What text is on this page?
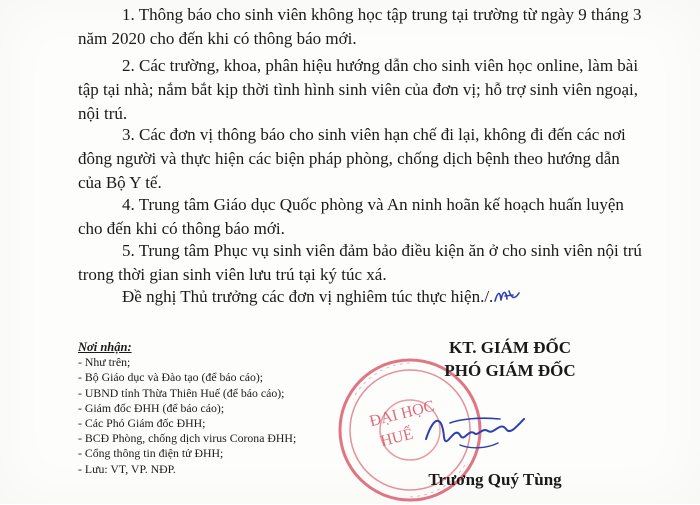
1. Thông báo cho sinh viên không học tập trung tại trường từ ngày 9 tháng 3
năm 2020 cho đến khi có thông báo mới.
2. Các trường, khoa, phân hiệu hướng dẫn cho sinh viên học online, làm bài
tập tại nhà; nắm bắt kịp thời tình hình sinh viên của đơn vị; hỗ trợ sinh viên ngoại,
nội trú.
3. Các đơn vị thông báo cho sinh viên hạn chế đi lại, không đi đến các nơi
đông người và thực hiện các biện pháp phòng, chống dịch bệnh theo hướng dẫn
của Bộ Y tế.
4. Trung tâm Giáo dục Quốc phòng và An ninh hoãn kế hoạch huấn luyện
cho đến khi có thông báo mới.
5. Trung tâm Phục vụ sinh viên đảm bảo điều kiện ăn ở cho sinh viên nội trú
trong thời gian sinh viên lưu trú tại ký túc xá.
Đề nghị Thủ trưởng các đơn vị nghiêm túc thực hiện./.
Nơi nhận:
- Như trên;
- Bộ Giáo dục và Đào tạo (để báo cáo);
- UBND tỉnh Thừa Thiên Huế (để báo cáo);
- Giám đốc ĐHH (để báo cáo);
- Các Phó Giám đốc ĐHH;
- BCĐ Phòng, chống dịch virus Corona ĐHH;
- Cổng thông tin điện tử ĐHH;
- Lưu: VT, VP. NĐP.
ĐẠI HỌC
HUẾ
KT. GIÁM ĐỐC
PHÓ GIÁM ĐỐC
Trương Quý Tùng
